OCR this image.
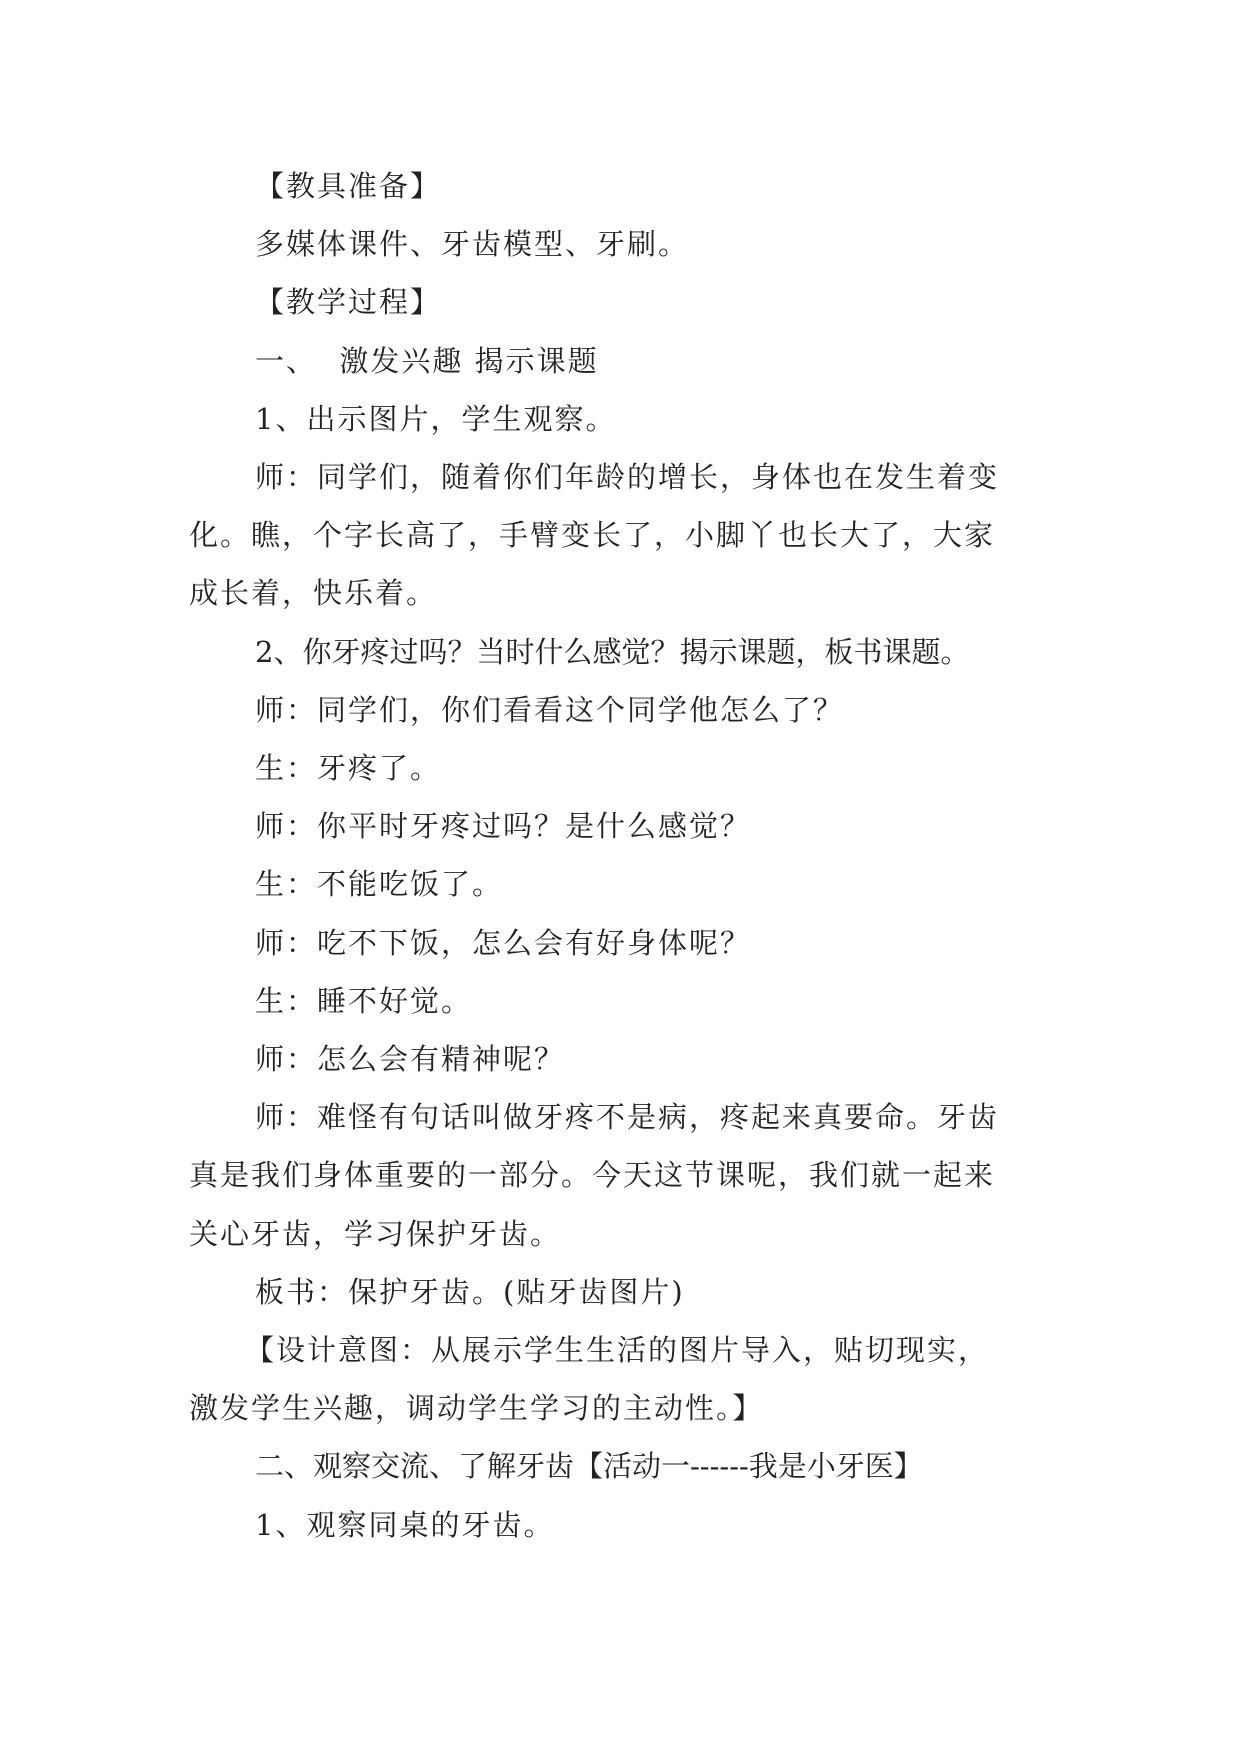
【教具准备】

多媒体课件、牙齿模型、牙刷。

【教学过程】

一、  激发兴趣 揭示课题

1、出示图片，学生观察。

师：同学们，随着你们年龄的增长，身体也在发生着变

化。瞧，个字长高了，手臂变长了，小脚丫也长大了，大家

成长着，快乐着。

2、你牙疼过吗？当时什么感觉？揭示课题，板书课题。

师：同学们，你们看看这个同学他怎么了？

生：牙疼了。

师：你平时牙疼过吗？是什么感觉？

生：不能吃饭了。

师：吃不下饭，怎么会有好身体呢？

生：睡不好觉。

师：怎么会有精神呢？

师：难怪有句话叫做牙疼不是病，疼起来真要命。牙齿

真是我们身体重要的一部分。今天这节课呢，我们就一起来

关心牙齿，学习保护牙齿。

板书：保护牙齿。(贴牙齿图片)

【设计意图：从展示学生生活的图片导入，贴切现实，

激发学生兴趣，调动学生学习的主动性。】

二、观察交流、了解牙齿【活动一------我是小牙医】

1、观察同桌的牙齿。
